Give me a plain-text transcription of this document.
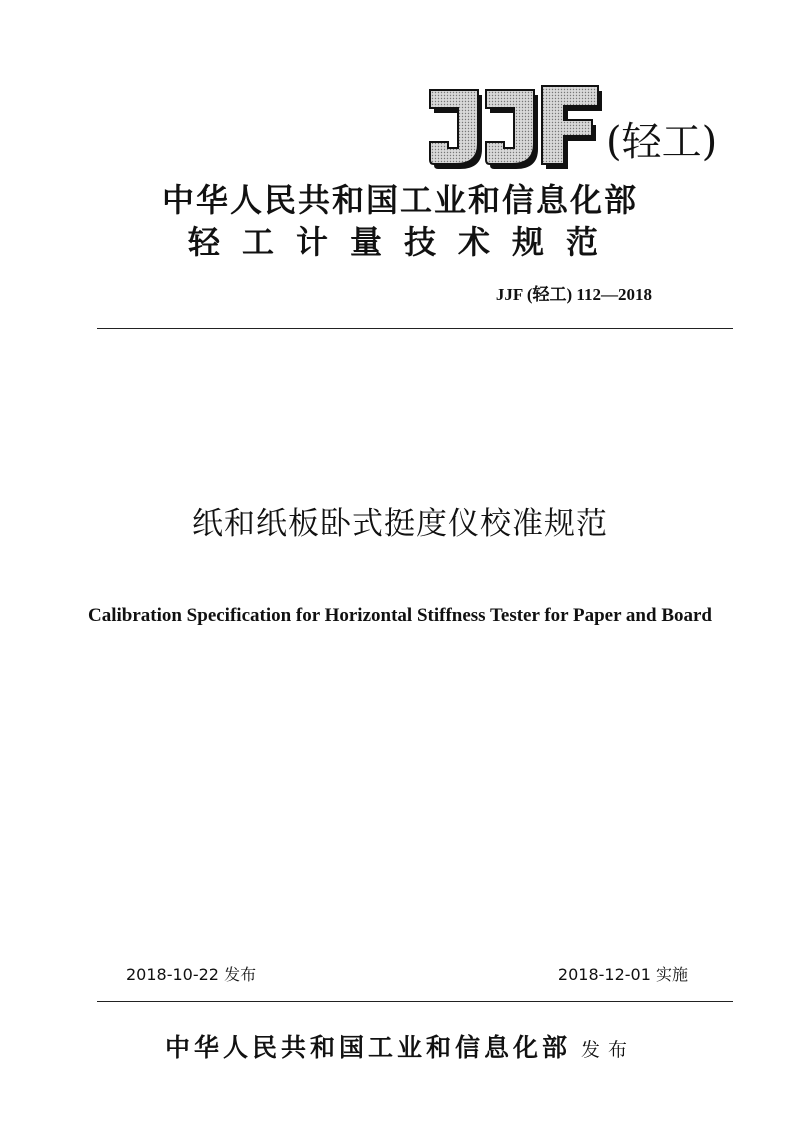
(轻工)
中华人民共和国工业和信息化部
轻工计量技术规范
JJF (轻工) 112—2018
纸和纸板卧式挺度仪校准规范
Calibration Specification for Horizontal Stiffness Tester for Paper and Board
2018-10-22 发布	2018-12-01 实施
中华人民共和国工业和信息化部 发布
